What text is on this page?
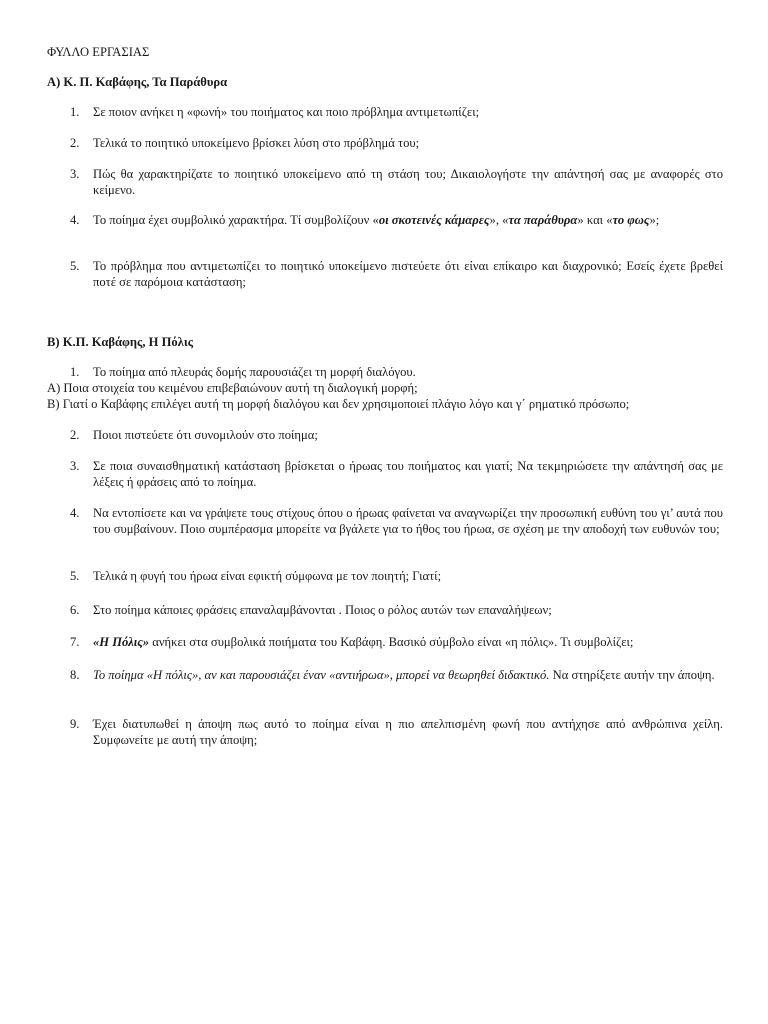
ΦΥΛΛΟ ΕΡΓΑΣΙΑΣ
Α) Κ. Π. Καβάφης, Τα Παράθυρα
1.	Σε ποιον ανήκει η «φωνή» του ποιήματος και ποιο πρόβλημα αντιμετωπίζει;
2.	Τελικά το ποιητικό υποκείμενο βρίσκει λύση στο πρόβλημά του;
3.	Πώς θα χαρακτηρίζατε το ποιητικό υποκείμενο από τη στάση του; Δικαιολογήστε την απάντησή σας με αναφορές στο κείμενο.
4.	Το ποίημα έχει συμβολικό χαρακτήρα. Τί συμβολίζουν «οι σκοτεινές κάμαρες», «τα παράθυρα» και «το φως»;
5.	Το πρόβλημα που αντιμετωπίζει το ποιητικό υποκείμενο πιστεύετε ότι είναι επίκαιρο και διαχρονικό; Εσείς έχετε βρεθεί ποτέ σε παρόμοια κατάσταση;
Β) Κ.Π. Καβάφης, Η Πόλις
1.	Το ποίημα από πλευράς δομής παρουσιάζει τη μορφή διαλόγου.
Α) Ποια στοιχεία του κειμένου επιβεβαιώνουν αυτή τη διαλογική μορφή;
Β) Γιατί ο Καβάφης επιλέγει αυτή τη μορφή διαλόγου και δεν χρησιμοποιεί πλάγιο λόγο και γ΄ ρηματικό πρόσωπο;
2.	Ποιοι πιστεύετε ότι συνομιλούν στο ποίημα;
3.	Σε ποια συναισθηματική κατάσταση βρίσκεται ο ήρωας του ποιήματος και γιατί; Να τεκμηριώσετε την απάντησή σας με λέξεις ή φράσεις από το ποίημα.
4.	Να εντοπίσετε και να γράψετε τους στίχους όπου ο ήρωας φαίνεται να αναγνωρίζει την προσωπική ευθύνη του γι’ αυτά που του συμβαίνουν. Ποιο συμπέρασμα μπορείτε να βγάλετε για το ήθος του ήρωα, σε σχέση με την αποδοχή των ευθυνών του;
5.	Τελικά η φυγή του ήρωα είναι εφικτή σύμφωνα με τον ποιητή; Γιατί;
6.	Στο ποίημα κάποιες φράσεις επαναλαμβάνονται . Ποιος ο ρόλος αυτών των επαναλήψεων;
7.	«Η Πόλις» ανήκει στα συμβολικά ποιήματα του Καβάφη. Βασικό σύμβολο είναι «η πόλις». Τι συμβολίζει;
8.	Το ποίημα «Η πόλις», αν και παρουσιάζει έναν «αντιήρωα», μπορεί να θεωρηθεί διδακτικό. Να στηρίξετε αυτήν την άποψη.
9.	Έχει διατυπωθεί η άποψη πως αυτό το ποίημα είναι η πιο απελπισμένη φωνή που αντήχησε από ανθρώπινα χείλη. Συμφωνείτε με αυτή την άποψη;
